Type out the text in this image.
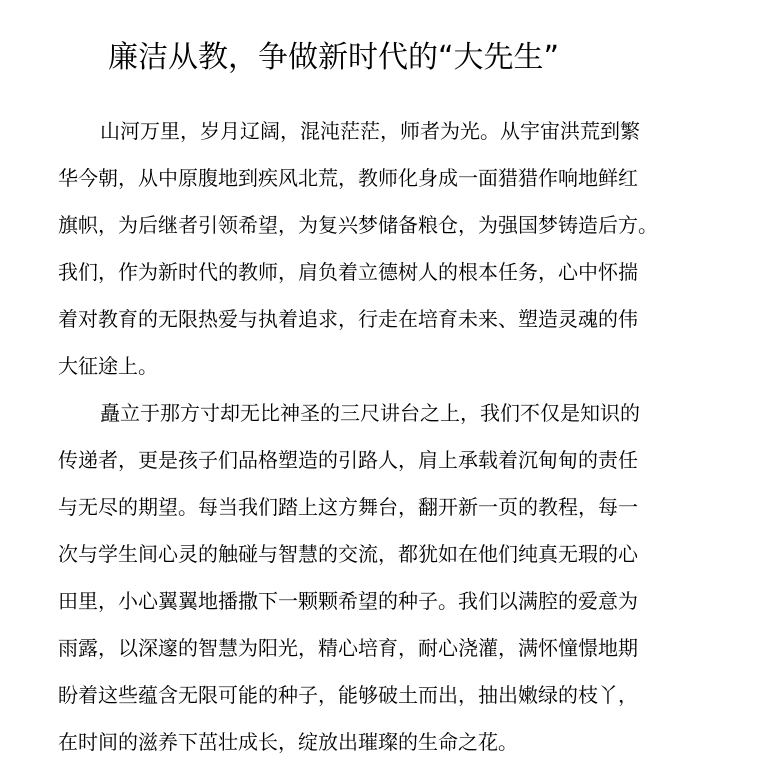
廉洁从教，争做新时代的“大先生”
山河万里，岁月辽阔，混沌茫茫，师者为光。从宇宙洪荒到繁
华今朝，从中原腹地到疾风北荒，教师化身成一面猎猎作响地鲜红
旗帜，为后继者引领希望，为复兴梦储备粮仓，为强国梦铸造后方。
我们，作为新时代的教师，肩负着立德树人的根本任务，心中怀揣
着对教育的无限热爱与执着追求，行走在培育未来、塑造灵魂的伟
大征途上。
矗立于那方寸却无比神圣的三尺讲台之上，我们不仅是知识的
传递者，更是孩子们品格塑造的引路人，肩上承载着沉甸甸的责任
与无尽的期望。每当我们踏上这方舞台，翻开新一页的教程，每一
次与学生间心灵的触碰与智慧的交流，都犹如在他们纯真无瑕的心
田里，小心翼翼地播撒下一颗颗希望的种子。我们以满腔的爱意为
雨露，以深邃的智慧为阳光，精心培育，耐心浇灌，满怀憧憬地期
盼着这些蕴含无限可能的种子，能够破土而出，抽出嫩绿的枝丫，
在时间的滋养下茁壮成长，绽放出璀璨的生命之花。
